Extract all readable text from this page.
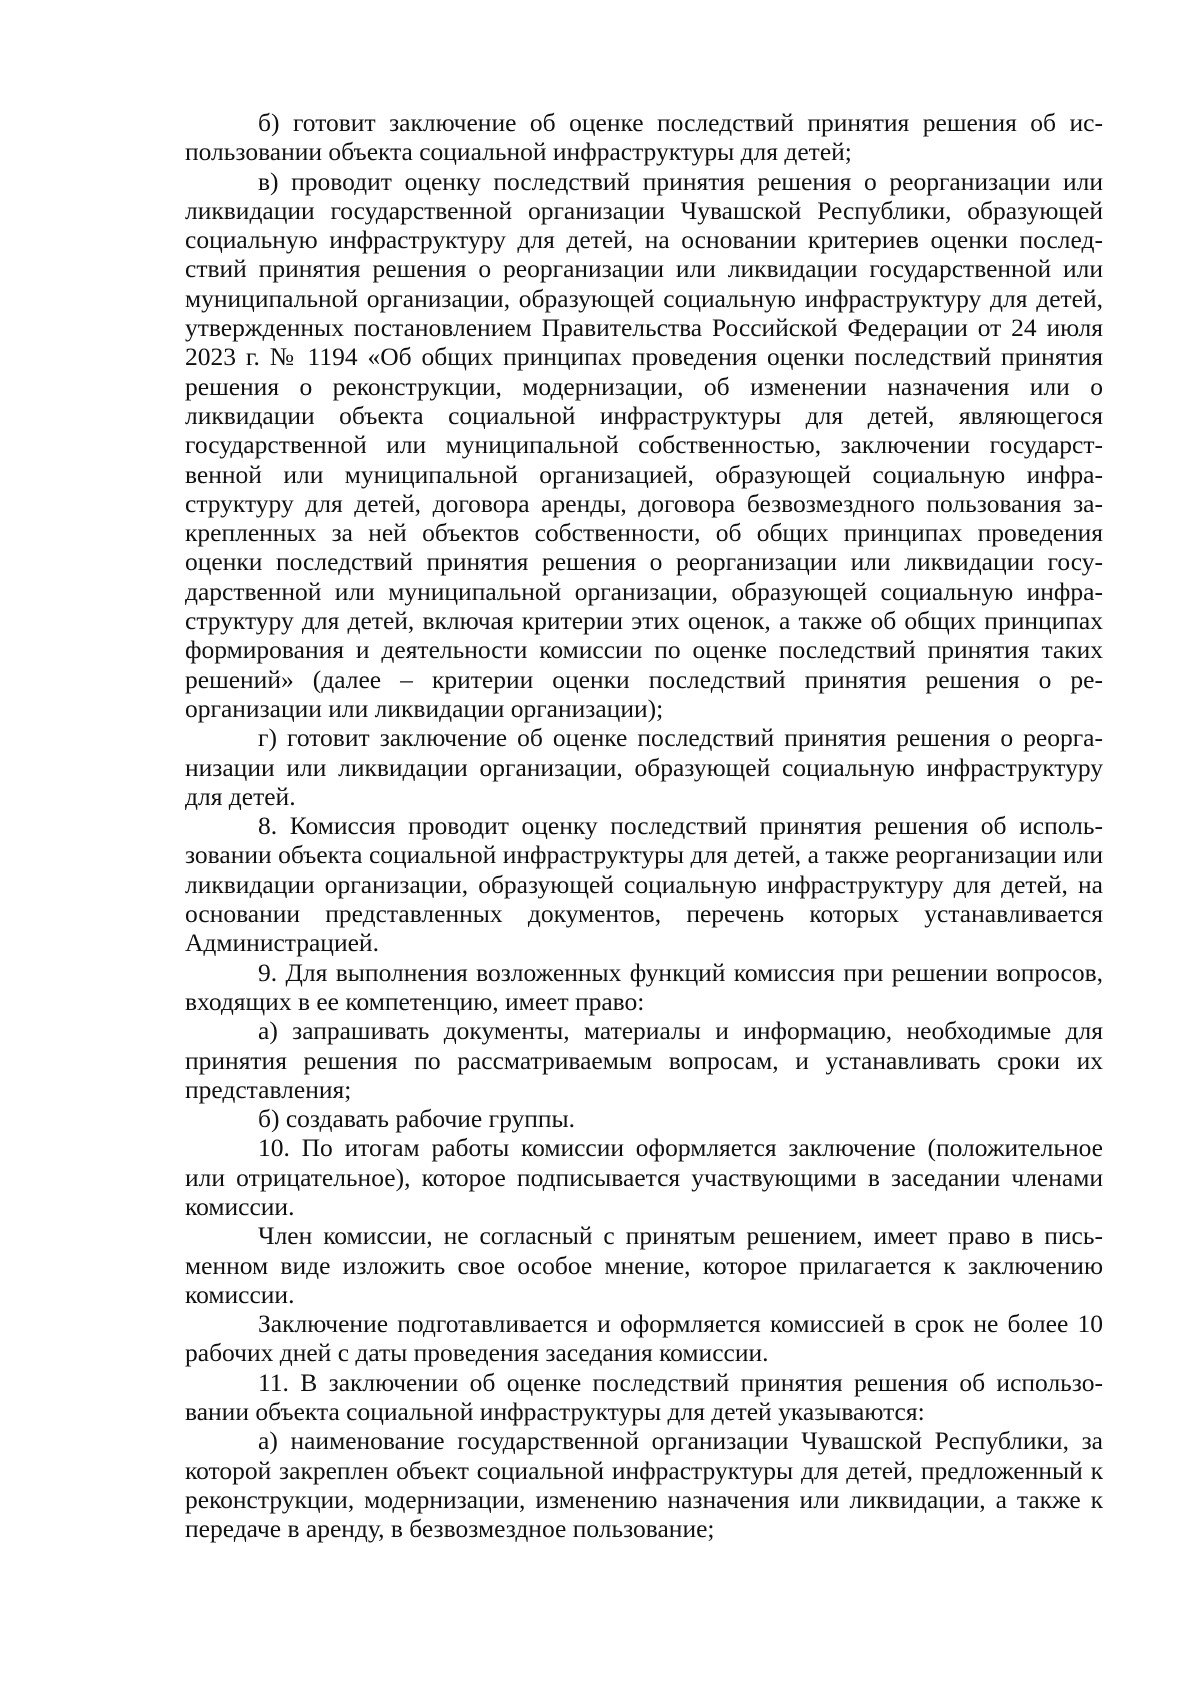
б) готовит заключение об оценке последствий принятия решения об использовании объекта социальной инфраструктуры для детей;

в) проводит оценку последствий принятия решения о реорганизации или ликвидации государственной организации Чувашской Республики, образующей социальную инфраструктуру для детей, на основании критериев оценки последствий принятия решения о реорганизации или ликвидации государственной или муниципальной организации, образующей социальную инфраструктуру для детей, утвержденных постановлением Правительства Российской Федерации от 24 июля 2023 г. № 1194 «Об общих принципах проведения оценки последствий принятия решения о реконструкции, модернизации, об изменении назначения или о ликвидации объекта социальной инфраструктуры для детей, являющегося государственной или муниципальной собственностью, заключении государственной или муниципальной организацией, образующей социальную инфраструктуру для детей, договора аренды, договора безвозмездного пользования закрепленных за ней объектов собственности, об общих принципах проведения оценки последствий принятия решения о реорганизации или ликвидации государственной или муниципальной организации, образующей социальную инфраструктуру для детей, включая критерии этих оценок, а также об общих принципах формирования и деятельности комиссии по оценке последствий принятия таких решений» (далее – критерии оценки последствий принятия решения о реорганизации или ликвидации организации);

г) готовит заключение об оценке последствий принятия решения о реорганизации или ликвидации организации, образующей социальную инфраструктуру для детей.

8. Комиссия проводит оценку последствий принятия решения об использовании объекта социальной инфраструктуры для детей, а также реорганизации или ликвидации организации, образующей социальную инфраструктуру для детей, на основании представленных документов, перечень которых устанавливается Администрацией.

9. Для выполнения возложенных функций комиссия при решении вопросов, входящих в ее компетенцию, имеет право:

а) запрашивать документы, материалы и информацию, необходимые для принятия решения по рассматриваемым вопросам, и устанавливать сроки их представления;

б) создавать рабочие группы.

10. По итогам работы комиссии оформляется заключение (положительное или отрицательное), которое подписывается участвующими в заседании членами комиссии.

Член комиссии, не согласный с принятым решением, имеет право в письменном виде изложить свое особое мнение, которое прилагается к заключению комиссии.

Заключение подготавливается и оформляется комиссией в срок не более 10 рабочих дней с даты проведения заседания комиссии.

11. В заключении об оценке последствий принятия решения об использовании объекта социальной инфраструктуры для детей указываются:

а) наименование государственной организации Чувашской Республики, за которой закреплен объект социальной инфраструктуры для детей, предложенный к реконструкции, модернизации, изменению назначения или ликвидации, а также к передаче в аренду, в безвозмездное пользование;
